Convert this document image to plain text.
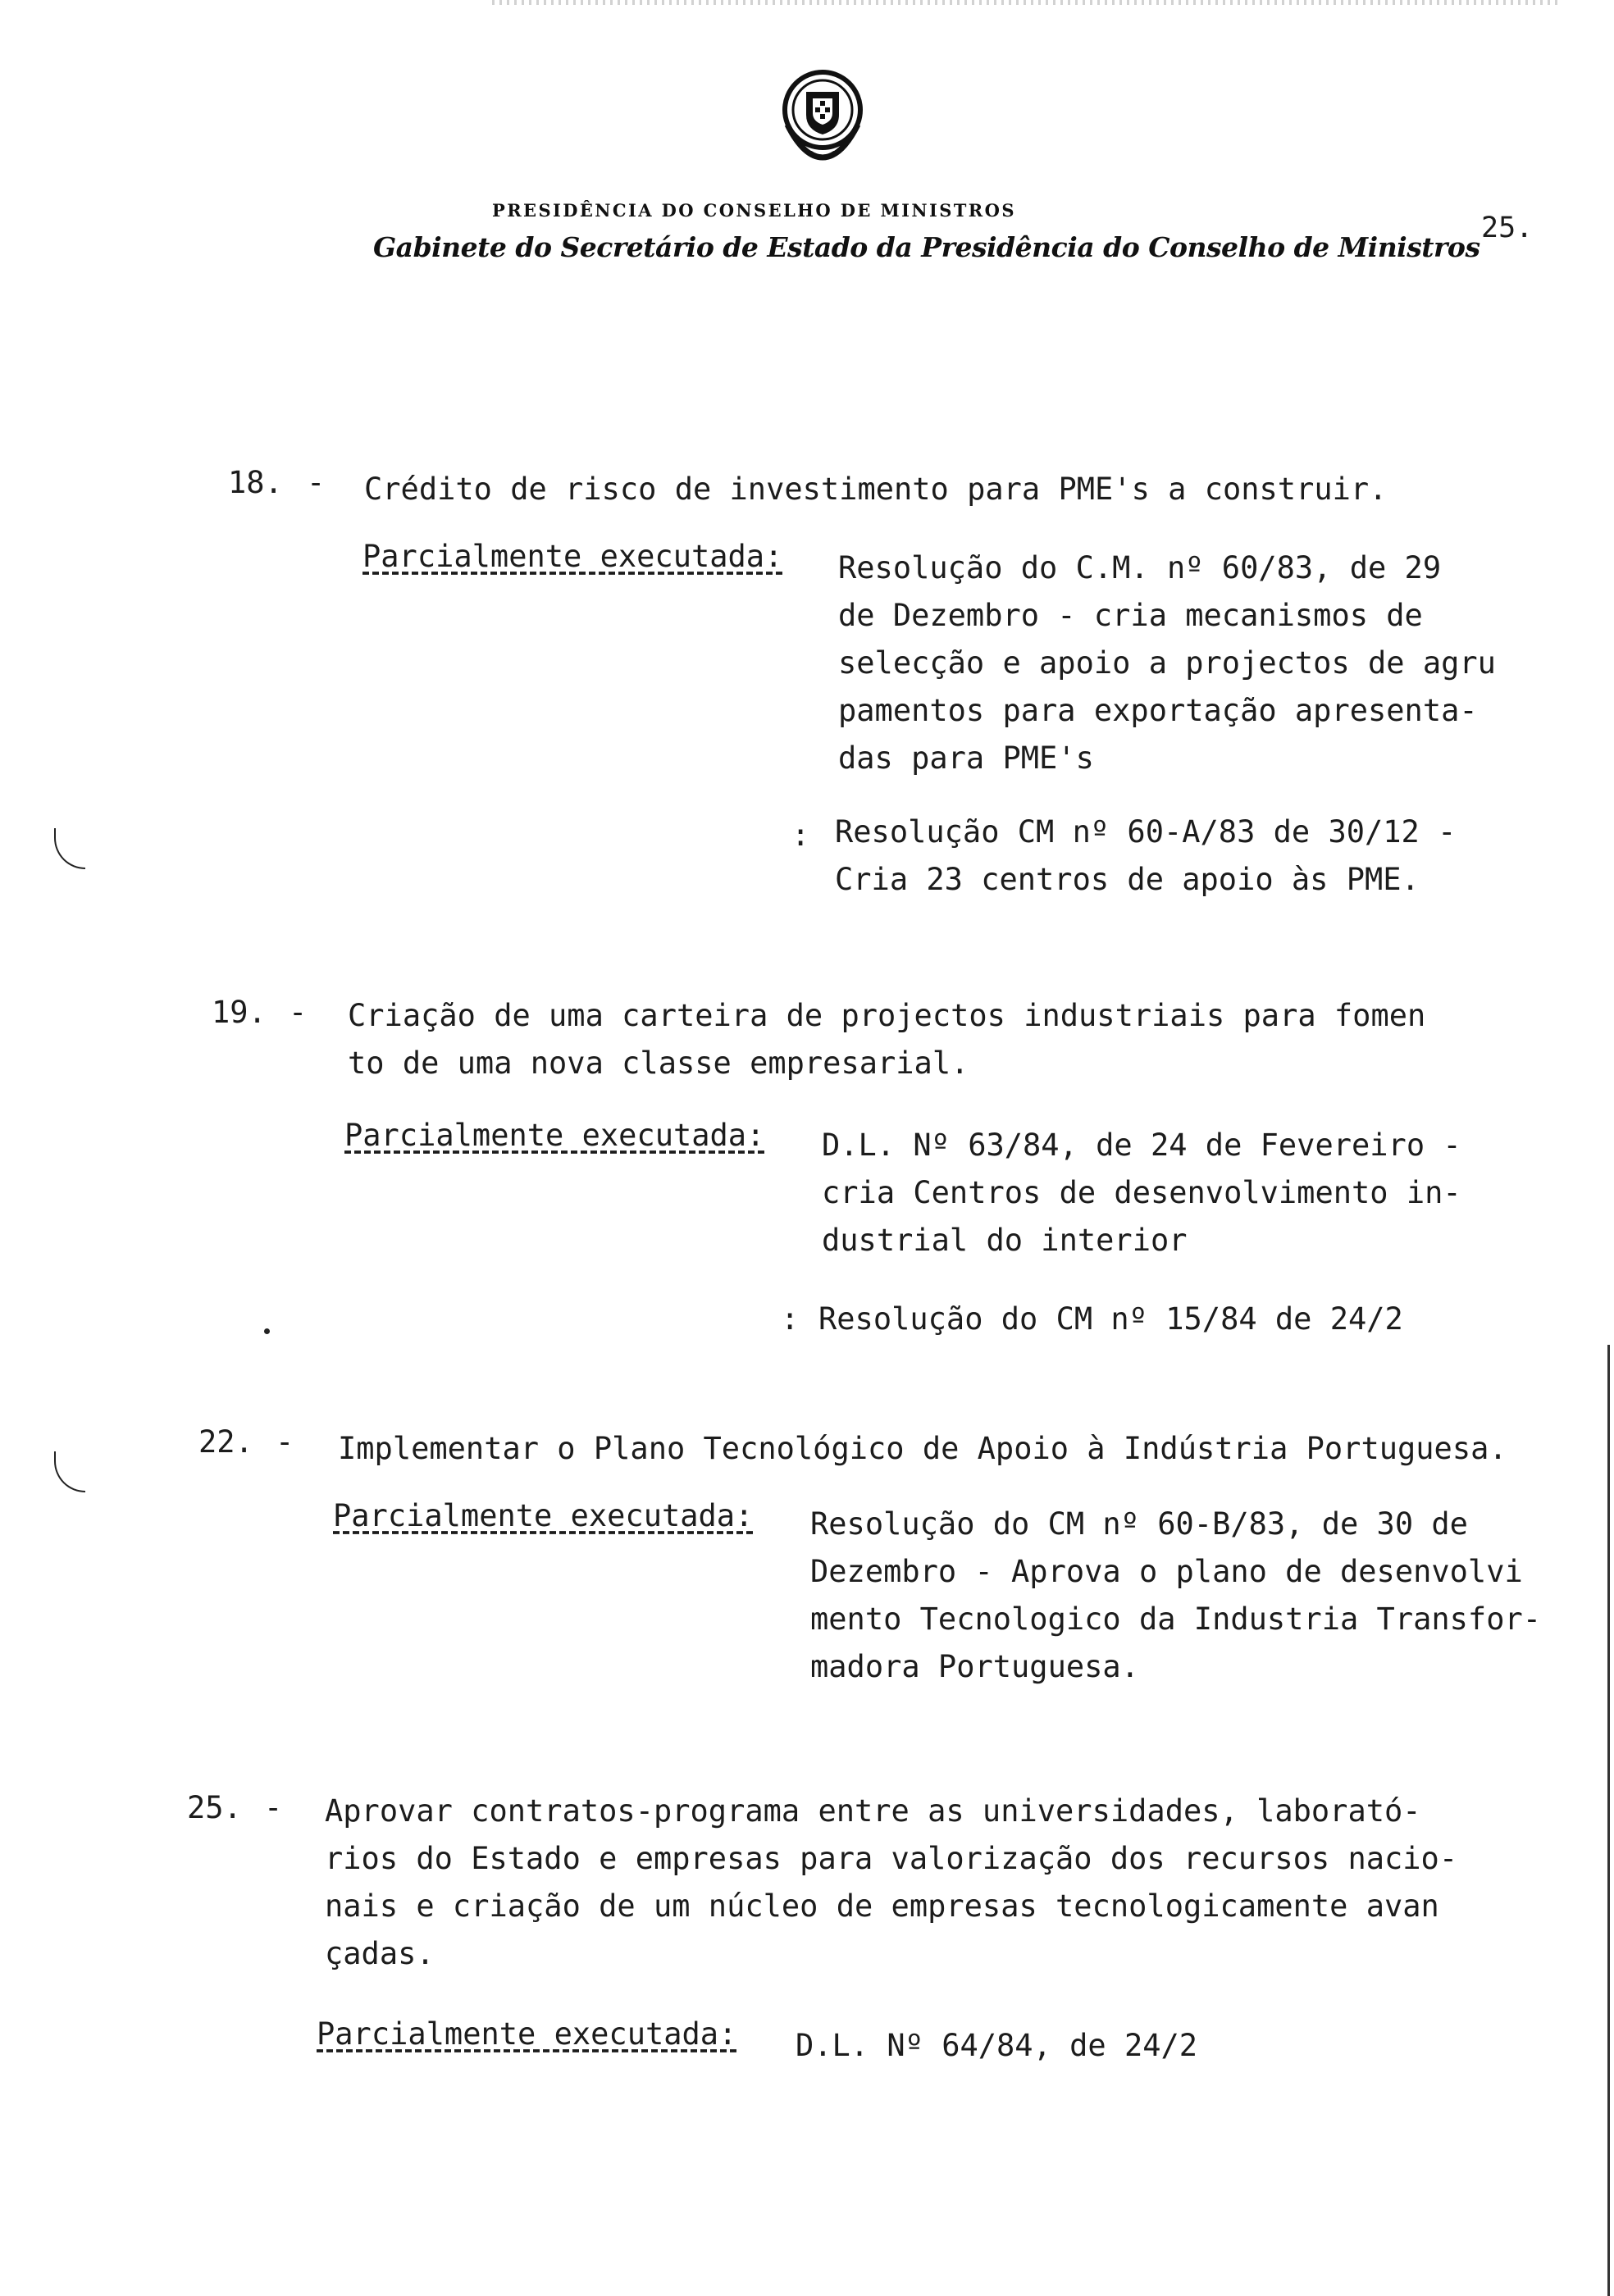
PRESIDÊNCIA DO CONSELHO DE MINISTROS
Gabinete do Secretário de Estado da Presidência do Conselho de Ministros
25.
18. - Crédito de risco de investimento para PME's a construir.
Parcialmente executada: Resolução do C.M. nº 60/83, de 29
de Dezembro - cria mecanismos de
selecção e apoio a projectos de agru
pamentos para exportação apresenta-
das para PME's
: Resolução CM nº 60-A/83 de 30/12 -
Cria 23 centros de apoio às PME.
19. - Criação de uma carteira de projectos industriais para fomen
to de uma nova classe empresarial.
Parcialmente executada: D.L. Nº 63/84, de 24 de Fevereiro -
cria Centros de desenvolvimento in-
dustrial do interior
: Resolução do CM nº 15/84 de 24/2
22. - Implementar o Plano Tecnológico de Apoio à Indústria Portuguesa.
Parcialmente executada: Resolução do CM nº 60-B/83, de 30 de
Dezembro - Aprova o plano de desenvolvi
mento Tecnologico da Industria Transfor-
madora Portuguesa.
25. - Aprovar contratos-programa entre as universidades, laborató-
rios do Estado e empresas para valorização dos recursos nacio-
nais e criação de um núcleo de empresas tecnologicamente avan
çadas.
Parcialmente executada: D.L. Nº 64/84, de 24/2
